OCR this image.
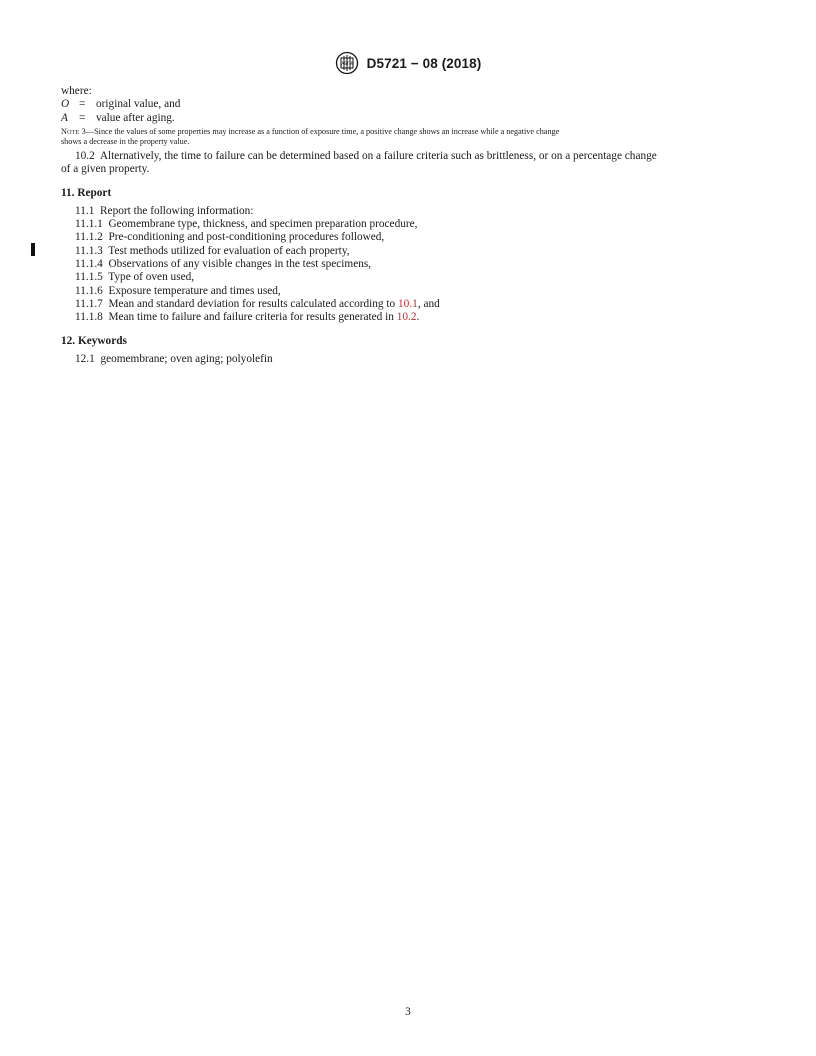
ASTM D5721 − 08 (2018)
where:
O = original value, and
A = value after aging.
Note 3—Since the values of some properties may increase as a function of exposure time, a positive change shows an increase while a negative change
shows a decrease in the property value.
10.2 Alternatively, the time to failure can be determined based on a failure criteria such as brittleness, or on a percentage change
of a given property.
11. Report
11.1 Report the following information:
11.1.1 Geomembrane type, thickness, and specimen preparation procedure,
11.1.2 Pre-conditioning and post-conditioning procedures followed,
11.1.3 Test methods utilized for evaluation of each property,
11.1.4 Observations of any visible changes in the test specimens,
11.1.5 Type of oven used,
11.1.6 Exposure temperature and times used,
11.1.7 Mean and standard deviation for results calculated according to 10.1, and
11.1.8 Mean time to failure and failure criteria for results generated in 10.2.
12. Keywords
12.1 geomembrane; oven aging; polyolefin
3
